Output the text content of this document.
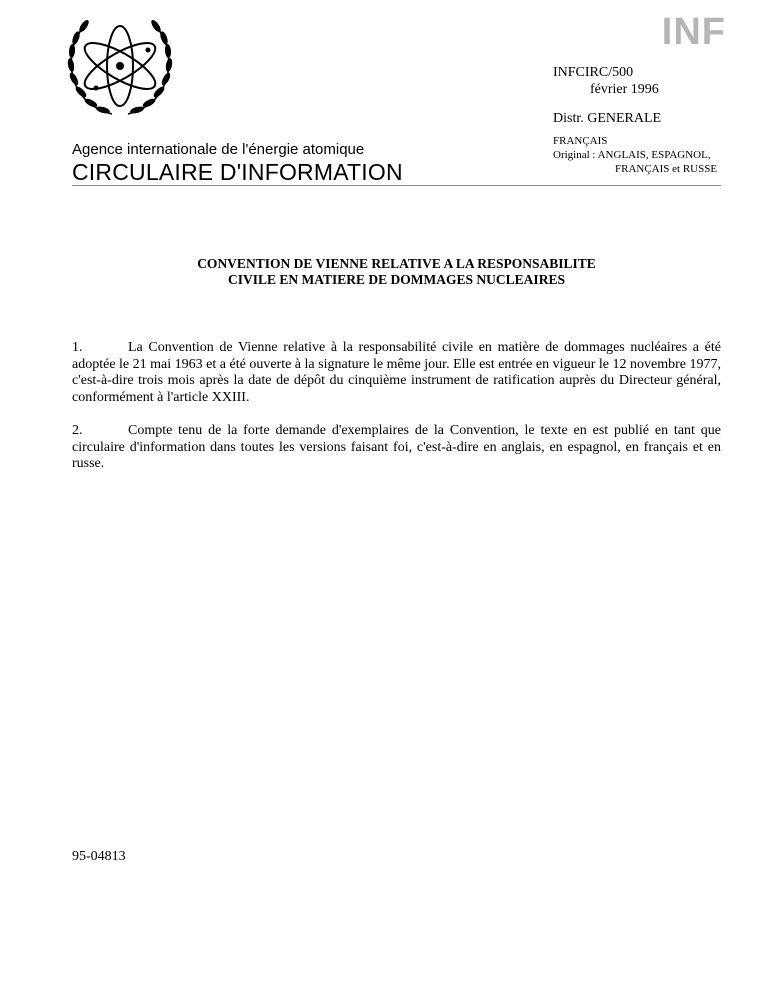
INF
INFCIRC/500
février 1996
Distr. GENERALE
FRANÇAIS
Original : ANGLAIS, ESPAGNOL,
FRANÇAIS et RUSSE
Agence internationale de l'énergie atomique
CIRCULAIRE D'INFORMATION
CONVENTION DE VIENNE RELATIVE A LA RESPONSABILITE
CIVILE EN MATIERE DE DOMMAGES NUCLEAIRES
1.	La Convention de Vienne relative à la responsabilité civile en matière de dommages nucléaires a été adoptée le 21 mai 1963 et a été ouverte à la signature le même jour. Elle est entrée en vigueur le 12 novembre 1977, c'est-à-dire trois mois après la date de dépôt du cinquième instrument de ratification auprès du Directeur général, conformément à l'article XXIII.
2.	Compte tenu de la forte demande d'exemplaires de la Convention, le texte en est publié en tant que circulaire d'information dans toutes les versions faisant foi, c'est-à-dire en anglais, en espagnol, en français et en russe.
95-04813
